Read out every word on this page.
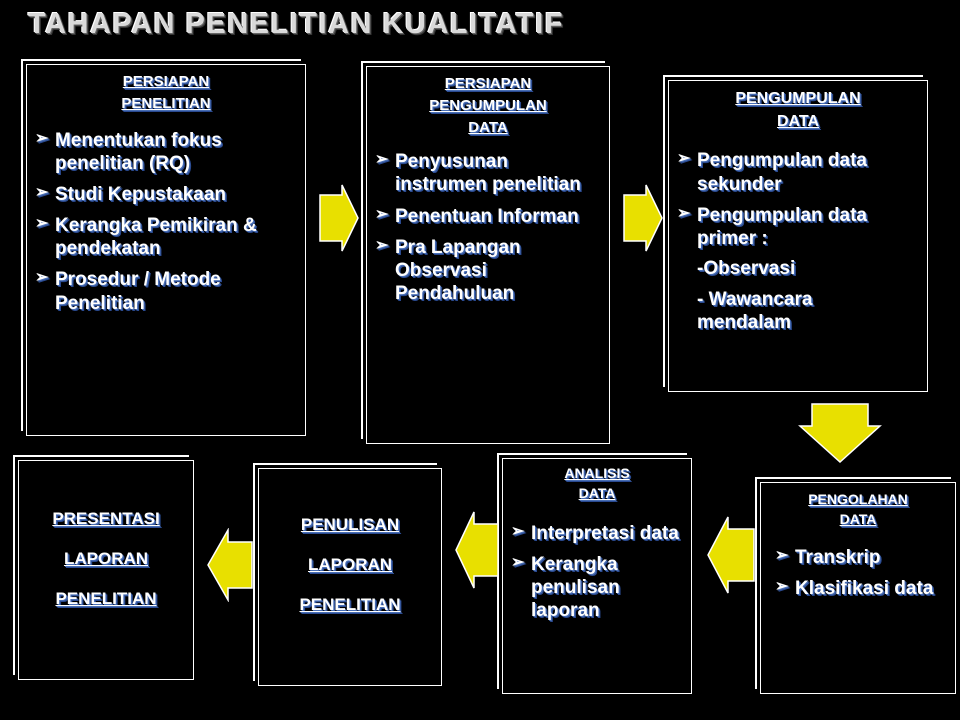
TAHAPAN PENELITIAN KUALITATIF
PERSIAPAN
PENELITIAN
➢ Menentukan fokus penelitian (RQ)
➢ Studi Kepustakaan
➢ Kerangka Pemikiran & pendekatan
➢ Prosedur / Metode Penelitian
PERSIAPAN
PENGUMPULAN
DATA
➢ Penyusunan instrumen penelitian
➢ Penentuan Informan
➢ Pra Lapangan Observasi Pendahuluan
PENGUMPULAN
DATA
➢ Pengumpulan data sekunder
➢ Pengumpulan data primer :
-Observasi
- Wawancara mendalam
PENGOLAHAN
DATA
➢ Transkrip
➢ Klasifikasi data
ANALISIS
DATA
➢ Interpretasi data
➢ Kerangka penulisan laporan
PENULISAN
LAPORAN
PENELITIAN
PRESENTASI
LAPORAN
PENELITIAN
